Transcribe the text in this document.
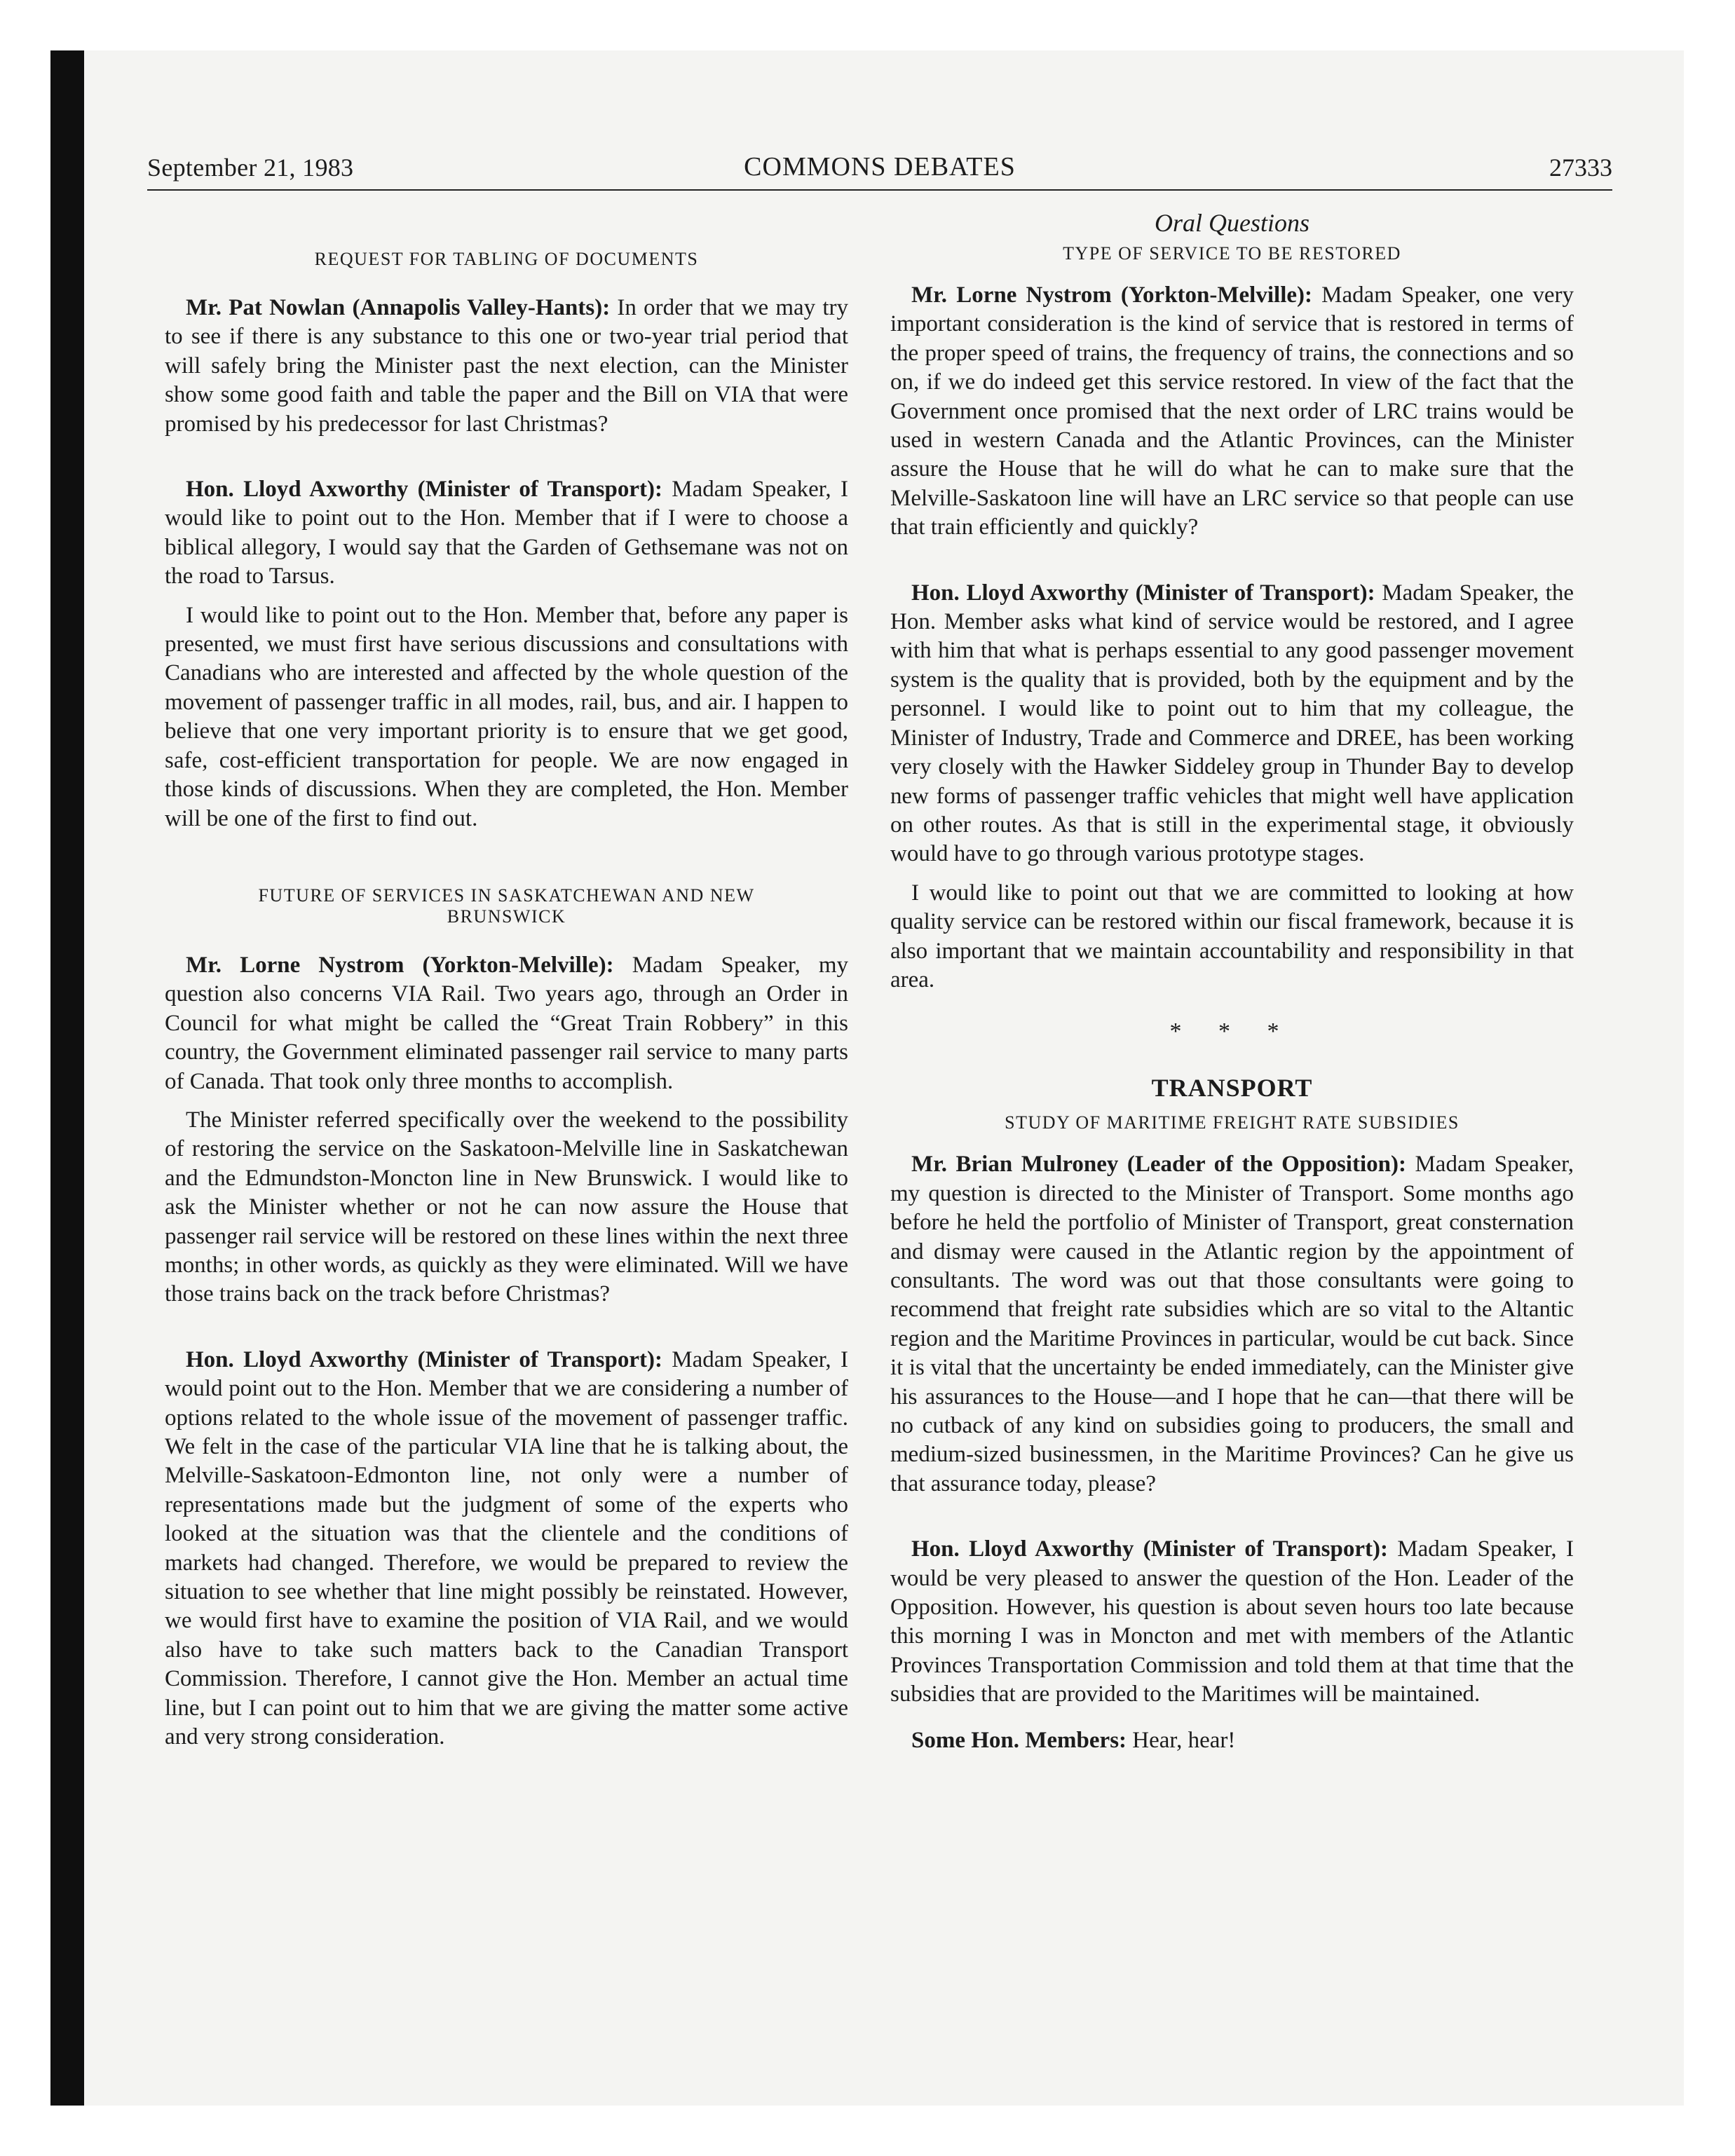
September 21, 1983	COMMONS DEBATES	27333
REQUEST FOR TABLING OF DOCUMENTS

Mr. Pat Nowlan (Annapolis Valley-Hants): In order that we may try to see if there is any substance to this one or two-year trial period that will safely bring the Minister past the next election, can the Minister show some good faith and table the paper and the Bill on VIA that were promised by his predecessor for last Christmas?

Hon. Lloyd Axworthy (Minister of Transport): Madam Speaker, I would like to point out to the Hon. Member that if I were to choose a biblical allegory, I would say that the Garden of Gethsemane was not on the road to Tarsus.

I would like to point out to the Hon. Member that, before any paper is presented, we must first have serious discussions and consultations with Canadians who are interested and affected by the whole question of the movement of passenger traffic in all modes, rail, bus, and air. I happen to believe that one very important priority is to ensure that we get good, safe, cost-efficient transportation for people. We are now engaged in those kinds of discussions. When they are completed, the Hon. Member will be one of the first to find out.

FUTURE OF SERVICES IN SASKATCHEWAN AND NEW BRUNSWICK

Mr. Lorne Nystrom (Yorkton-Melville): Madam Speaker, my question also concerns VIA Rail. Two years ago, through an Order in Council for what might be called the “Great Train Robbery” in this country, the Government eliminated passenger rail service to many parts of Canada. That took only three months to accomplish.

The Minister referred specifically over the weekend to the possibility of restoring the service on the Saskatoon-Melville line in Saskatchewan and the Edmundston-Moncton line in New Brunswick. I would like to ask the Minister whether or not he can now assure the House that passenger rail service will be restored on these lines within the next three months; in other words, as quickly as they were eliminated. Will we have those trains back on the track before Christmas?

Hon. Lloyd Axworthy (Minister of Transport): Madam Speaker, I would point out to the Hon. Member that we are considering a number of options related to the whole issue of the movement of passenger traffic. We felt in the case of the particular VIA line that he is talking about, the Melville-Saskatoon-Edmonton line, not only were a number of representations made but the judgment of some of the experts who looked at the situation was that the clientele and the conditions of markets had changed. Therefore, we would be prepared to review the situation to see whether that line might possibly be reinstated. However, we would first have to examine the position of VIA Rail, and we would also have to take such matters back to the Canadian Transport Commission. Therefore, I cannot give the Hon. Member an actual time line, but I can point out to him that we are giving the matter some active and very strong consideration.

Oral Questions
TYPE OF SERVICE TO BE RESTORED

Mr. Lorne Nystrom (Yorkton-Melville): Madam Speaker, one very important consideration is the kind of service that is restored in terms of the proper speed of trains, the frequency of trains, the connections and so on, if we do indeed get this service restored. In view of the fact that the Government once promised that the next order of LRC trains would be used in western Canada and the Atlantic Provinces, can the Minister assure the House that he will do what he can to make sure that the Melville-Saskatoon line will have an LRC service so that people can use that train efficiently and quickly?

Hon. Lloyd Axworthy (Minister of Transport): Madam Speaker, the Hon. Member asks what kind of service would be restored, and I agree with him that what is perhaps essential to any good passenger movement system is the quality that is provided, both by the equipment and by the personnel. I would like to point out to him that my colleague, the Minister of Industry, Trade and Commerce and DREE, has been working very closely with the Hawker Siddeley group in Thunder Bay to develop new forms of passenger traffic vehicles that might well have application on other routes. As that is still in the experimental stage, it obviously would have to go through various prototype stages.

I would like to point out that we are committed to looking at how quality service can be restored within our fiscal framework, because it is also important that we maintain accountability and responsibility in that area.

* * *
TRANSPORT
STUDY OF MARITIME FREIGHT RATE SUBSIDIES

Mr. Brian Mulroney (Leader of the Opposition): Madam Speaker, my question is directed to the Minister of Transport. Some months ago before he held the portfolio of Minister of Transport, great consternation and dismay were caused in the Atlantic region by the appointment of consultants. The word was out that those consultants were going to recommend that freight rate subsidies which are so vital to the Altantic region and the Maritime Provinces in particular, would be cut back. Since it is vital that the uncertainty be ended immediately, can the Minister give his assurances to the House—and I hope that he can—that there will be no cutback of any kind on subsidies going to producers, the small and medium-sized businessmen, in the Maritime Provinces? Can he give us that assurance today, please?

Hon. Lloyd Axworthy (Minister of Transport): Madam Speaker, I would be very pleased to answer the question of the Hon. Leader of the Opposition. However, his question is about seven hours too late because this morning I was in Moncton and met with members of the Atlantic Provinces Transportation Commission and told them at that time that the subsidies that are provided to the Maritimes will be maintained.

Some Hon. Members: Hear, hear!
